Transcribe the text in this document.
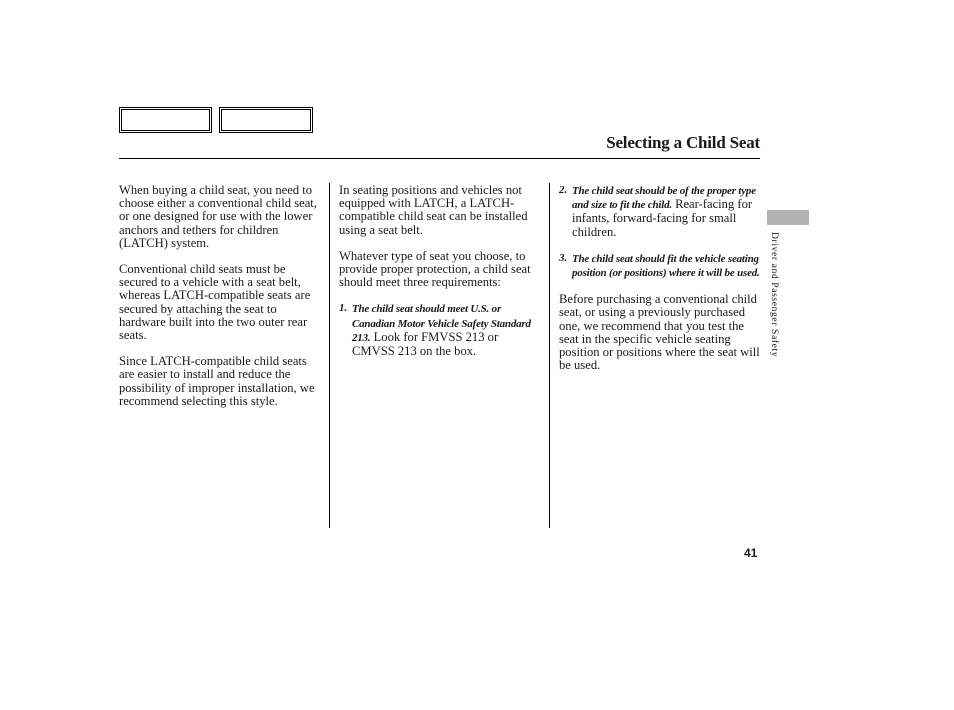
Selecting a Child Seat

When buying a child seat, you need to choose either a conventional child seat, or one designed for use with the lower anchors and tethers for children (LATCH) system.

Conventional child seats must be secured to a vehicle with a seat belt, whereas LATCH-compatible seats are secured by attaching the seat to hardware built into the two outer rear seats.

Since LATCH-compatible child seats are easier to install and reduce the possibility of improper installation, we recommend selecting this style.

In seating positions and vehicles not equipped with LATCH, a LATCH-compatible child seat can be installed using a seat belt.

Whatever type of seat you choose, to provide proper protection, a child seat should meet three requirements:

1. The child seat should meet U.S. or Canadian Motor Vehicle Safety Standard 213. Look for FMVSS 213 or CMVSS 213 on the box.
2. The child seat should be of the proper type and size to fit the child. Rear-facing for infants, forward-facing for small children.
3. The child seat should fit the vehicle seating position (or positions) where it will be used.

Before purchasing a conventional child seat, or using a previously purchased one, we recommend that you test the seat in the specific vehicle seating position or positions where the seat will be used.

Driver and Passenger Safety
41
